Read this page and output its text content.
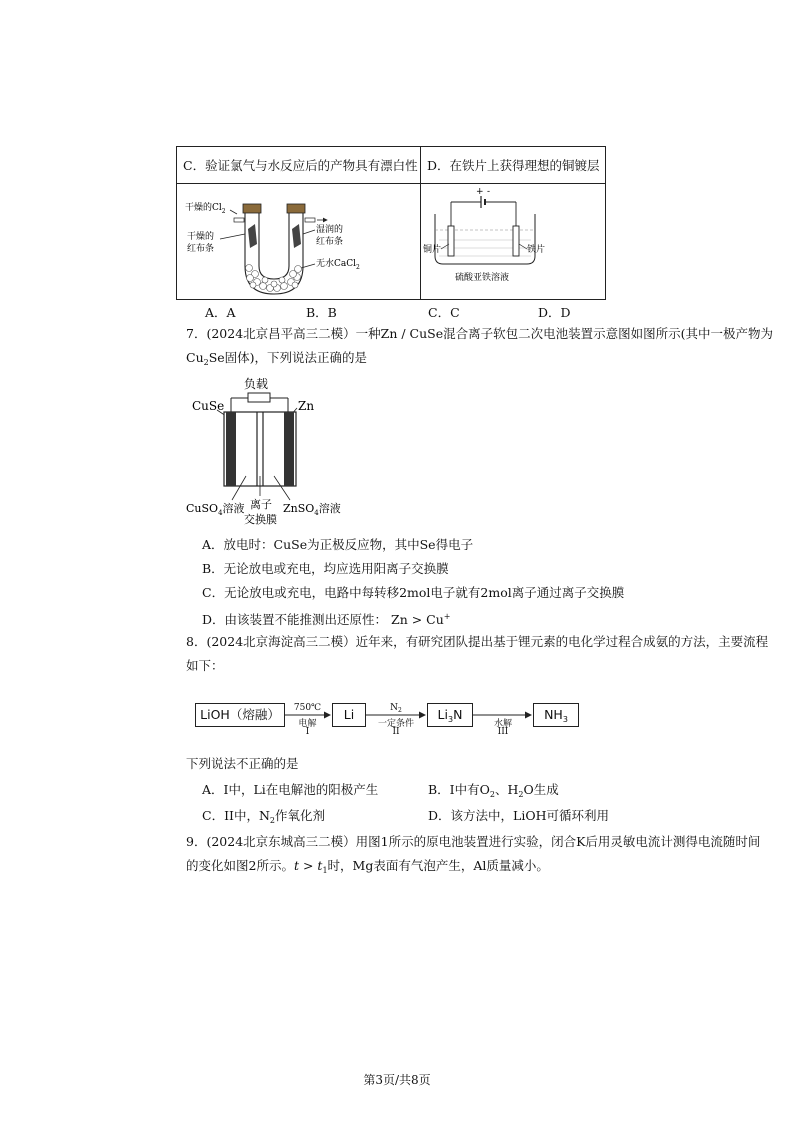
C．验证氯气与水反应后的产物具有漂白性 D．在铁片上获得理想的铜镀层
干燥的$Cl_2$
干燥的
红布条
湿润的
红布条
无水CaCl$_2$
+ -
铜片	铁片
硫酸亚铁溶液
A．A	B．B	C．C	D．D
7．(2024北京昌平高三二模）一种Zn / CuSe混合离子软包二次电池装置示意图如图所示(其中一极产物为
$Cu_2Se$固体)，下列说法正确的是
负载
CuSe	Zn
CuSO$_4$溶液 离子
交换膜
ZnSO$_4$溶液
A．放电时：CuSe为正极反应物，其中Se得电子
B．无论放电或充电，均应选用阳离子交换膜
C．无论放电或充电，电路中每转移2mol电子就有2mol离子通过离子交换膜
D．由该装置不能推测出还原性： Zn > Cu+
8．(2024北京海淀高三二模）近年来，有研究团队提出基于锂元素的电化学过程合成氨的方法，主要流程
如下：
LiOH（熔融）	Li	$Li_3N$	$NH_3$
750℃
电解
I
$N_2$
一定条件
II
水解
III
下列说法不正确的是
A．I中，Li在电解池的阳极产生	B．I中有$O_2$、$H_2O$生成
C．II中，$N_2$作氧化剂	D．该方法中，LiOH可循环利用
9．(2024北京东城高三二模）用图1所示的原电池装置进行实验，闭合K后用灵敏电流计测得电流随时间
的变化如图2所示。$t > t_1$时，Mg表面有气泡产生，Al质量减小。
第3页/共8页
